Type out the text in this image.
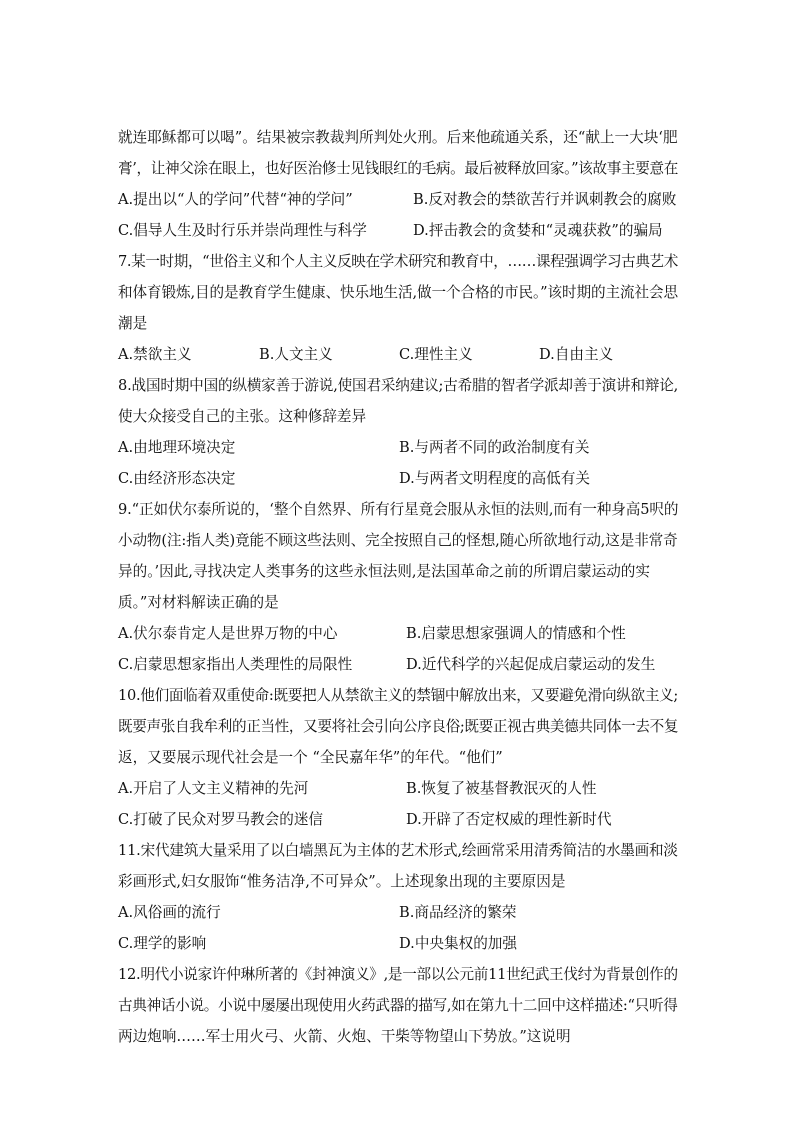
就连耶稣都可以喝”。结果被宗教裁判所判处火刑。后来他疏通关系，还“献上一大块‘肥
膏’，让神父涂在眼上，也好医治修士见钱眼红的毛病。最后被释放回家。”该故事主要意在
A.提出以“人的学问”代替“神的学问”	B.反对教会的禁欲苦行并讽刺教会的腐败
C.倡导人生及时行乐并崇尚理性与科学	D.抨击教会的贪婪和“灵魂获救”的骗局
7.某一时期，“世俗主义和个人主义反映在学术研究和教育中，……课程强调学习古典艺术
和体育锻炼,目的是教育学生健康、快乐地生活,做一个合格的市民。”该时期的主流社会思
潮是
A.禁欲主义	B.人文主义	C.理性主义	D.自由主义
8.战国时期中国的纵横家善于游说,使国君采纳建议;古希腊的智者学派却善于演讲和辩论,
使大众接受自己的主张。这种修辞差异
A.由地理环境决定	B.与两者不同的政治制度有关
C.由经济形态决定	D.与两者文明程度的高低有关
9.“正如伏尔泰所说的，‘整个自然界、所有行星竟会服从永恒的法则,而有一种身高5呎的
小动物(注:指人类)竟能不顾这些法则、完全按照自己的怪想,随心所欲地行动,这是非常奇
异的。’因此,寻找决定人类事务的这些永恒法则,是法国革命之前的所谓启蒙运动的实
质。”对材料解读正确的是
A.伏尔泰肯定人是世界万物的中心	B.启蒙思想家强调人的情感和个性
C.启蒙思想家指出人类理性的局限性	D.近代科学的兴起促成启蒙运动的发生
10.他们面临着双重使命:既要把人从禁欲主义的禁锢中解放出来，又要避免滑向纵欲主义;
既要声张自我牟利的正当性，又要将社会引向公序良俗;既要正视古典美德共同体一去不复
返，又要展示现代社会是一个 “全民嘉年华”的年代。“他们”
A.开启了人文主义精神的先河	B.恢复了被基督教泯灭的人性
C.打破了民众对罗马教会的迷信	D.开辟了否定权威的理性新时代
11.宋代建筑大量采用了以白墙黑瓦为主体的艺术形式,绘画常采用清秀简洁的水墨画和淡
彩画形式,妇女服饰“惟务洁净,不可异众”。上述现象出现的主要原因是
A.风俗画的流行	B.商品经济的繁荣
C.理学的影响	D.中央集权的加强
12.明代小说家许仲琳所著的《封神演义》,是一部以公元前11世纪武王伐纣为背景创作的
古典神话小说。小说中屡屡出现使用火药武器的描写,如在第九十二回中这样描述:“只听得
两边炮响……军士用火弓、火箭、火炮、干柴等物望山下势放。”这说明
